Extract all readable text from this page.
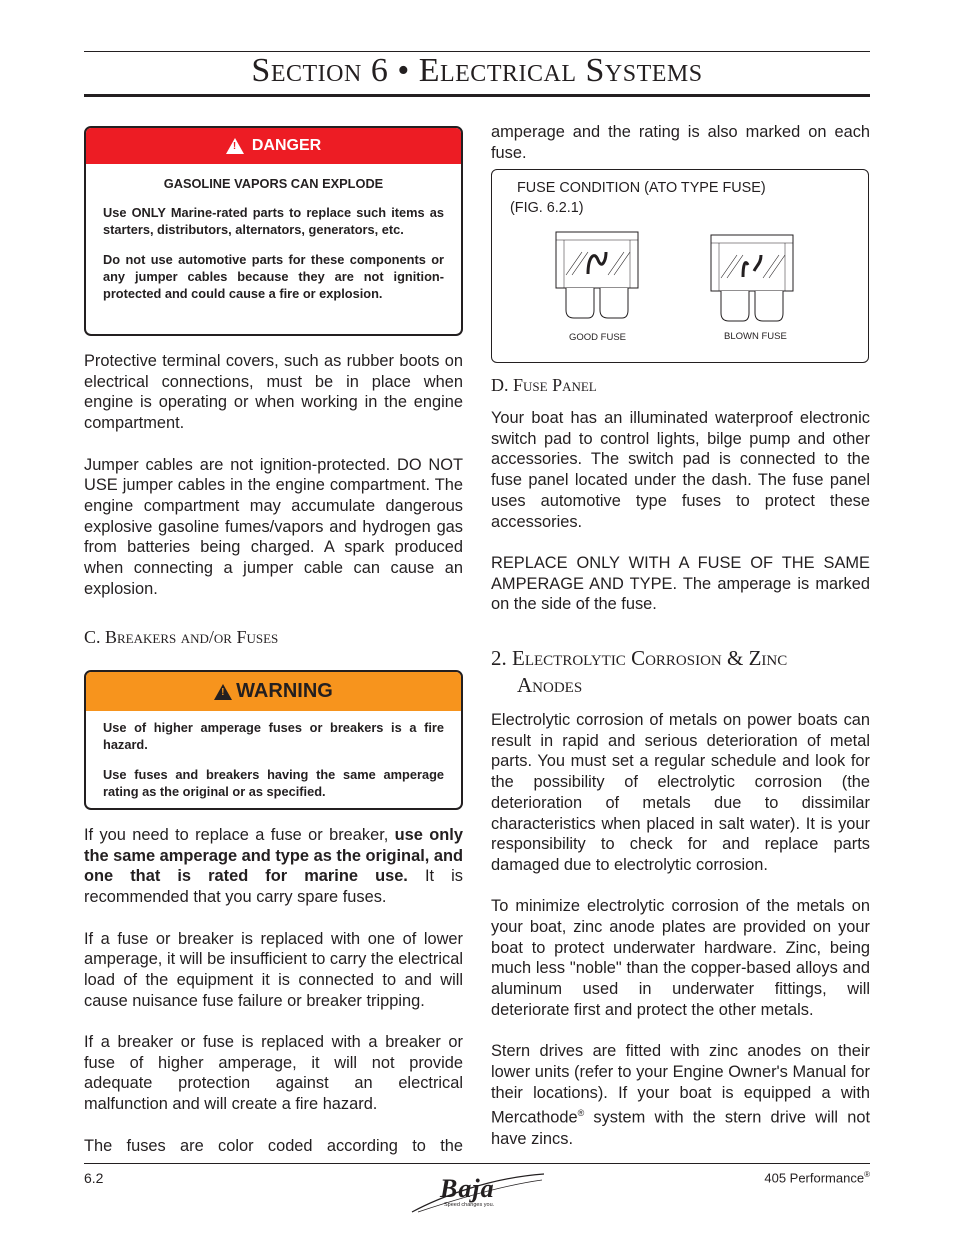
Section 6 • Electrical Systems
! DANGER

GASOLINE VAPORS CAN EXPLODE

Use ONLY Marine-rated parts to replace such items as starters, distributors, alternators, generators, etc.

Do not use automotive parts for these components or any jumper cables because they are not ignition-protected and could cause a fire or explosion.

Protective terminal covers, such as rubber boots on electrical connections, must be in place when engine is operating or when working in the engine compartment.

Jumper cables are not ignition-protected. DO NOT USE jumper cables in the engine compartment. The engine compartment may accumulate dangerous explosive gasoline fumes/vapors and hydrogen gas from batteries being charged. A spark produced when connecting a jumper cable can cause an explosion.

C. Breakers and/or Fuses
! WARNING

Use of higher amperage fuses or breakers is a fire hazard.

Use fuses and breakers having the same amperage rating as the original or as specified.

If you need to replace a fuse or breaker, use only the same amperage and type as the original, and one that is rated for marine use. It is recommended that you carry spare fuses.

If a fuse or breaker is replaced with one of lower amperage, it will be insufficient to carry the electrical load of the equipment it is connected to and will cause nuisance fuse failure or breaker tripping.

If a breaker or fuse is replaced with a breaker or fuse of higher amperage, it will not provide adequate protection against an electrical malfunction and will create a fire hazard.

The fuses are color coded according to the

amperage and the rating is also marked on each fuse.

FUSE CONDITION (ATO TYPE FUSE)
(FIG. 6.2.1)
GOOD FUSE	BLOWN FUSE
D. Fuse Panel

Your boat has an illuminated waterproof electronic switch pad to control lights, bilge pump and other accessories. The switch pad is connected to the fuse panel located under the dash. The fuse panel uses automotive type fuses to protect these accessories.

REPLACE ONLY WITH A FUSE OF THE SAME AMPERAGE AND TYPE. The amperage is marked on the side of the fuse.

2. Electrolytic Corrosion & Zinc
Anodes

Electrolytic corrosion of metals on power boats can result in rapid and serious deterioration of metal parts. You must set a regular schedule and look for the possibility of electrolytic corrosion (the deterioration of metals due to dissimilar characteristics when placed in salt water). It is your responsibility to check for and replace parts damaged due to electrolytic corrosion.

To minimize electrolytic corrosion of the metals on your boat, zinc anode plates are provided on your boat to protect underwater hardware. Zinc, being much less "noble" than the copper-based alloys and aluminum used in underwater fittings, will deteriorate first and protect the other metals.

Stern drives are fitted with zinc anodes on their lower units (refer to your Engine Owner's Manual for their locations). If your boat is equipped a with Mercathode® system with the stern drive will not have zincs.

6.2	405 Performance®
Baja
Speed changes you.
